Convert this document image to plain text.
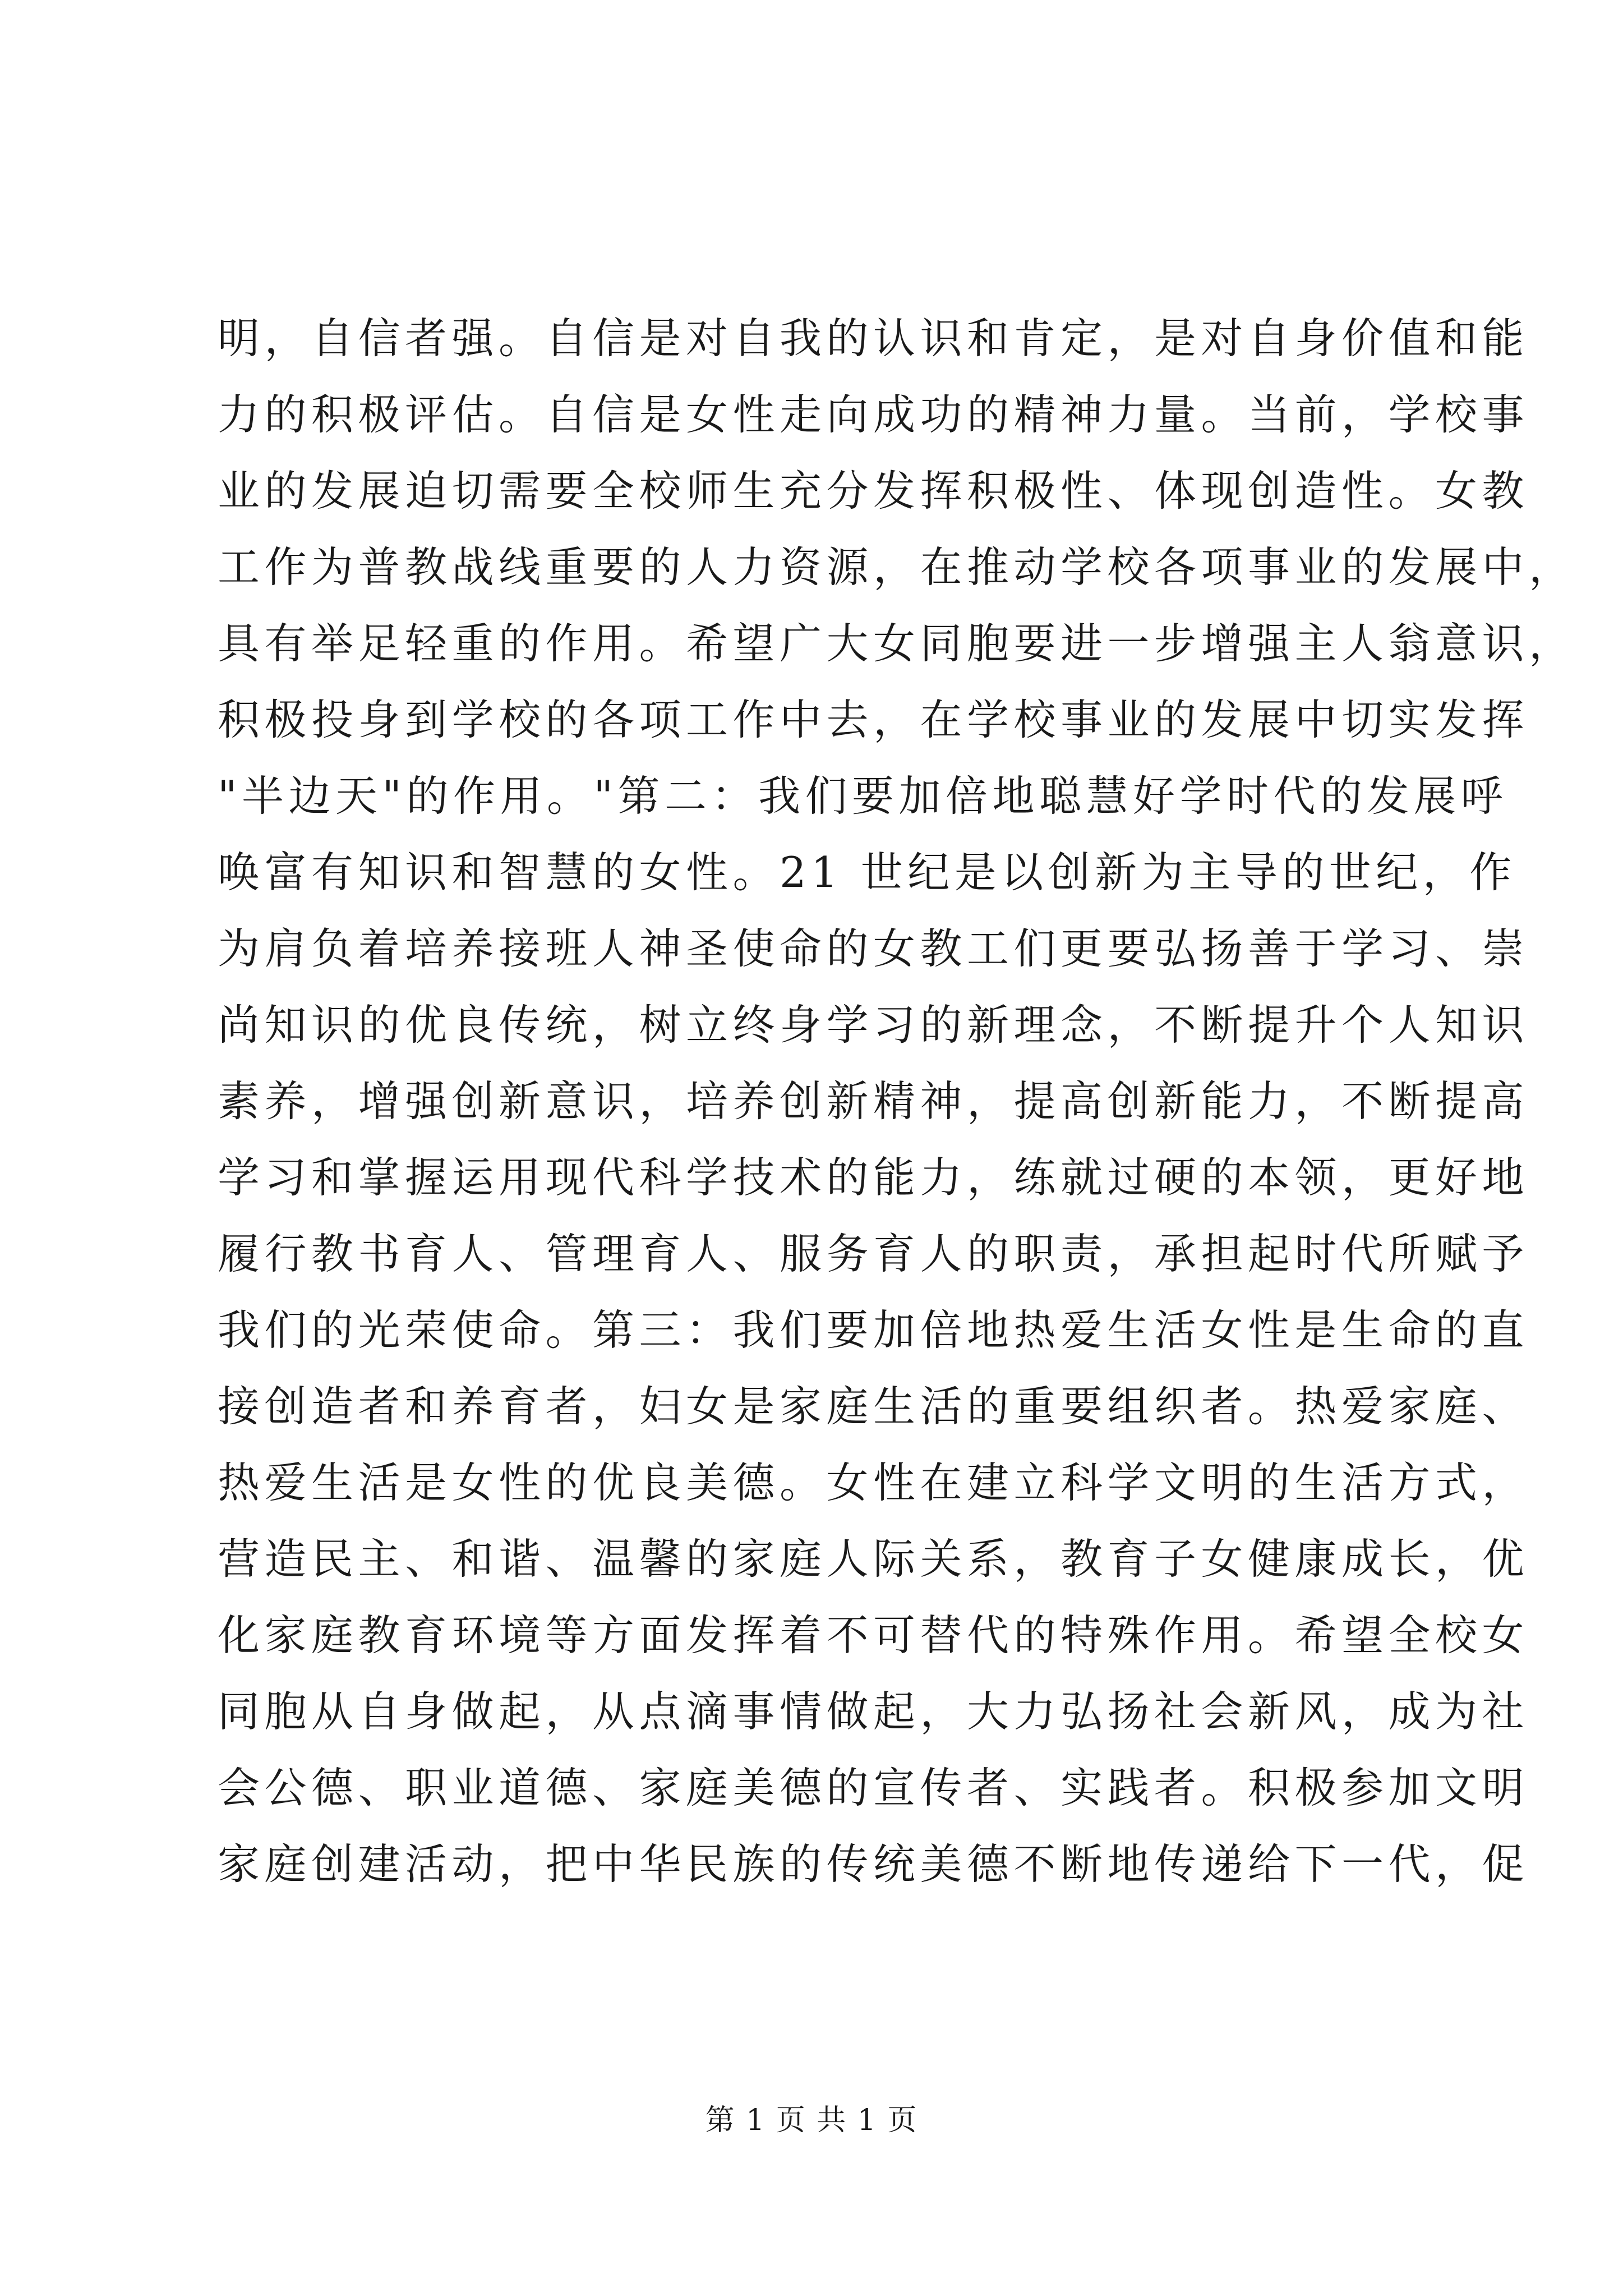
明，自信者强。自信是对自我的认识和肯定，是对自身价值和能
力的积极评估。自信是女性走向成功的精神力量。当前，学校事
业的发展迫切需要全校师生充分发挥积极性、体现创造性。女教
工作为普教战线重要的人力资源，在推动学校各项事业的发展中，
具有举足轻重的作用。希望广大女同胞要进一步增强主人翁意识，
积极投身到学校的各项工作中去，在学校事业的发展中切实发挥
"半边天"的作用。"第二：我们要加倍地聪慧好学时代的发展呼
唤富有知识和智慧的女性。21 世纪是以创新为主导的世纪，作
为肩负着培养接班人神圣使命的女教工们更要弘扬善于学习、崇
尚知识的优良传统，树立终身学习的新理念，不断提升个人知识
素养，增强创新意识，培养创新精神，提高创新能力，不断提高
学习和掌握运用现代科学技术的能力，练就过硬的本领，更好地
履行教书育人、管理育人、服务育人的职责，承担起时代所赋予
我们的光荣使命。第三：我们要加倍地热爱生活女性是生命的直
接创造者和养育者，妇女是家庭生活的重要组织者。热爱家庭、
热爱生活是女性的优良美德。女性在建立科学文明的生活方式，
营造民主、和谐、温馨的家庭人际关系，教育子女健康成长，优
化家庭教育环境等方面发挥着不可替代的特殊作用。希望全校女
同胞从自身做起，从点滴事情做起，大力弘扬社会新风，成为社
会公德、职业道德、家庭美德的宣传者、实践者。积极参加文明
家庭创建活动，把中华民族的传统美德不断地传递给下一代，促
第 1 页 共 1 页
